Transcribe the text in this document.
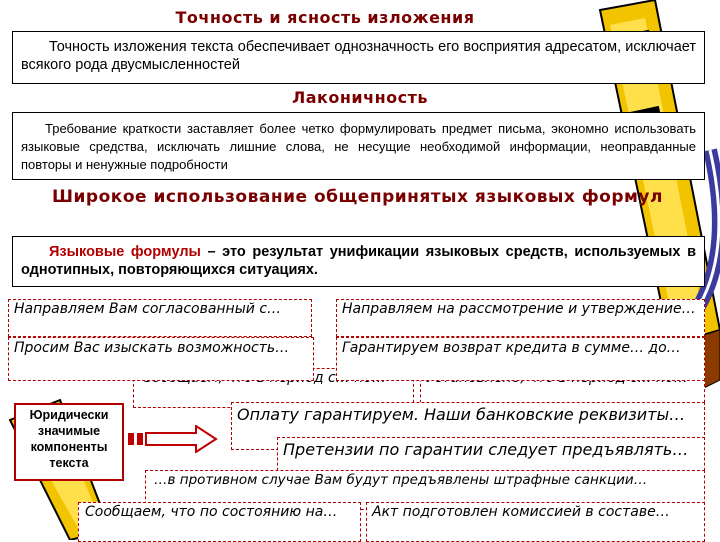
Точность и ясность изложения
Точность изложения текста обеспечивает однозначность его восприятия адресатом, исключает всякого рода двусмысленностей
Лаконичность
Требование краткости заставляет более четко формулировать предмет письма, экономно использовать языковые средства, исключать лишние слова, не несущие необходимой информации, неоправданные повторы и ненужные подробности
Широкое использование общепринятых языковых формул
Языковые формулы – это результат унификации языковых средств, используемых в однотипных, повторяющихся ситуациях.
Направляем Вам согласованный с…	Направляем на рассмотрение и утверждение…
Просим Вас изыскать возможность…	Гарантируем возврат кредита в сумме… до…
Оплату гарантируем. Наши банковские реквизиты…
Претензии по гарантии следует предъявлять…
…в противном случае Вам будут предъявлены штрафные санкции…
Сообщаем, что по состоянию на…	Акт подготовлен комиссией в составе…
Юридически значимые компоненты текста
